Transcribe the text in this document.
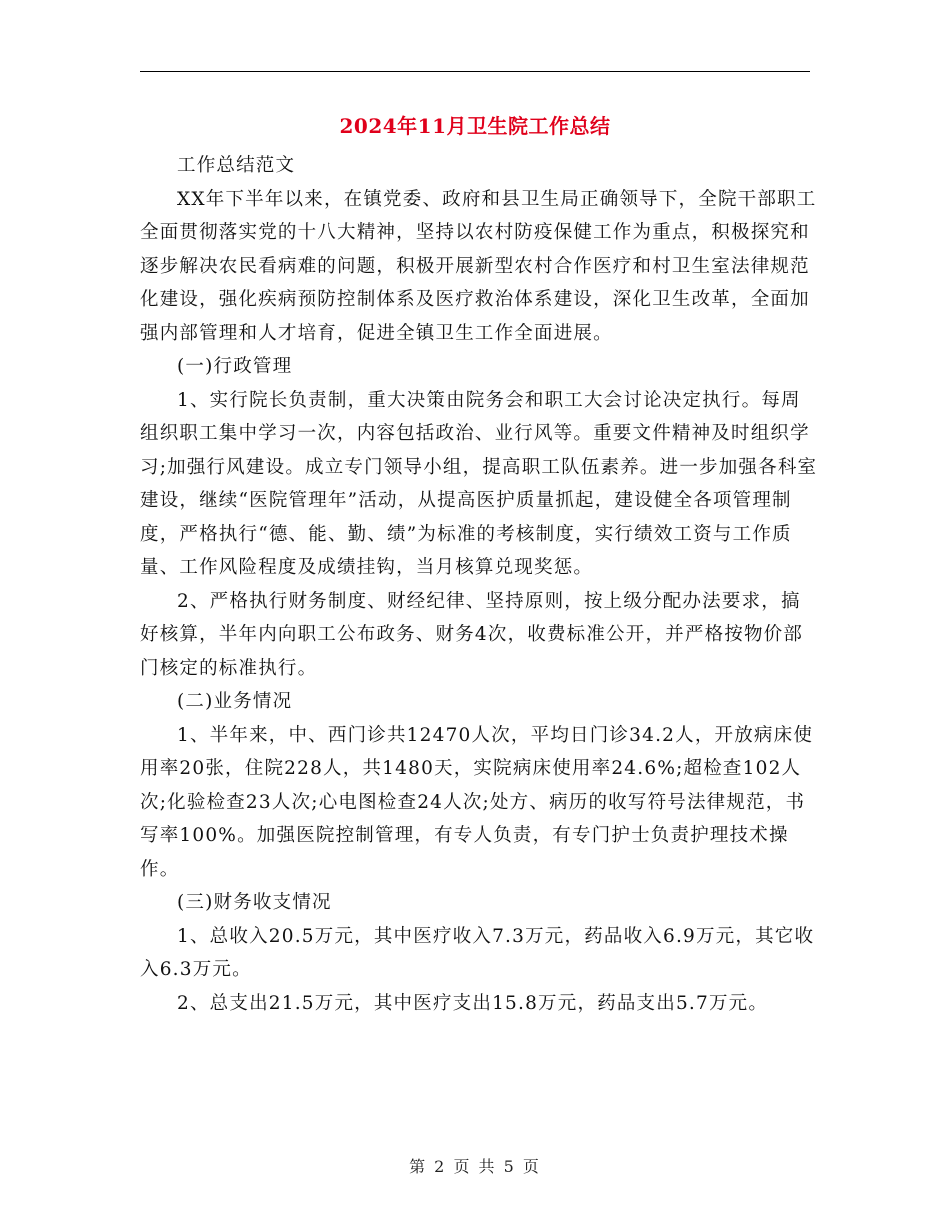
2024年11月卫生院工作总结

工作总结范文

XX年下半年以来，在镇党委、政府和县卫生局正确领导下，全院干部职工全面贯彻落实党的十八大精神，坚持以农村防疫保健工作为重点，积极探究和逐步解决农民看病难的问题，积极开展新型农村合作医疗和村卫生室法律规范化建设，强化疾病预防控制体系及医疗救治体系建设，深化卫生改革，全面加强内部管理和人才培育，促进全镇卫生工作全面进展。

(一)行政管理

1、实行院长负责制，重大决策由院务会和职工大会讨论决定执行。每周组织职工集中学习一次，内容包括政治、业行风等。重要文件精神及时组织学习;加强行风建设。成立专门领导小组，提高职工队伍素养。进一步加强各科室建设，继续“医院管理年”活动，从提高医护质量抓起，建设健全各项管理制度，严格执行“德、能、勤、绩”为标准的考核制度，实行绩效工资与工作质量、工作风险程度及成绩挂钩，当月核算兑现奖惩。

2、严格执行财务制度、财经纪律、坚持原则，按上级分配办法要求，搞好核算，半年内向职工公布政务、财务4次，收费标准公开，并严格按物价部门核定的标准执行。

(二)业务情况

1、半年来，中、西门诊共12470人次，平均日门诊34.2人，开放病床使用率20张，住院228人，共1480天，实院病床使用率24.6%;超检查102人次;化验检查23人次;心电图检查24人次;处方、病历的收写符号法律规范，书写率100%。加强医院控制管理，有专人负责，有专门护士负责护理技术操作。

(三)财务收支情况

1、总收入20.5万元，其中医疗收入7.3万元，药品收入6.9万元，其它收入6.3万元。

2、总支出21.5万元，其中医疗支出15.8万元，药品支出5.7万元。

第 2 页 共 5 页
